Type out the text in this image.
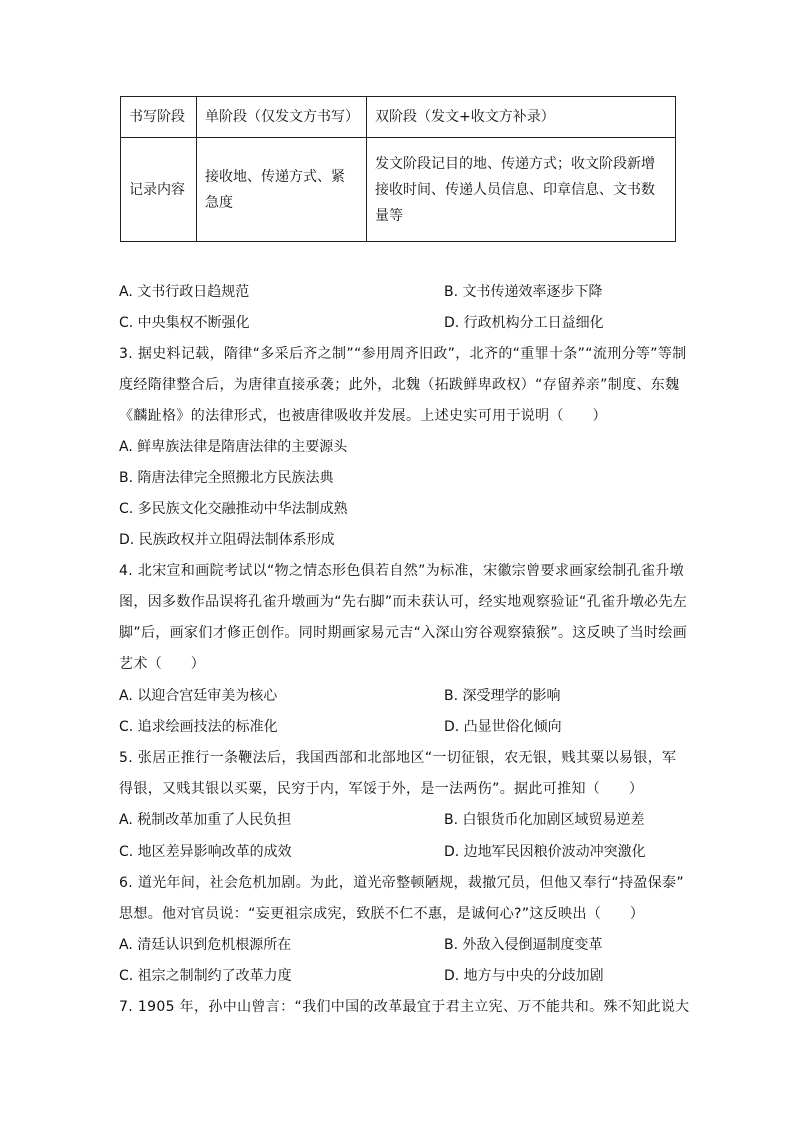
书写阶段	单阶段（仅发文方书写）	双阶段（发文+收文方补录）
记录内容	接收地、传递方式、紧急度	发文阶段记目的地、传递方式；收文阶段新增接收时间、传递人员信息、印章信息、文书数量等
A. 文书行政日趋规范	B. 文书传递效率逐步下降
C. 中央集权不断强化	D. 行政机构分工日益细化
3. 据史料记载，隋律“多采后齐之制”“参用周齐旧政”，北齐的“重罪十条”“流刑分等”等制
度经隋律整合后，为唐律直接承袭；此外，北魏（拓跋鲜卑政权）“存留养亲”制度、东魏
《麟趾格》的法律形式，也被唐律吸收并发展。上述史实可用于说明（　　）
A. 鲜卑族法律是隋唐法律的主要源头
B. 隋唐法律完全照搬北方民族法典
C. 多民族文化交融推动中华法制成熟
D. 民族政权并立阻碍法制体系形成
4. 北宋宣和画院考试以“物之情态形色俱若自然”为标准，宋徽宗曾要求画家绘制孔雀升墩
图，因多数作品误将孔雀升墩画为“先右脚”而未获认可，经实地观察验证“孔雀升墩必先左
脚”后，画家们才修正创作。同时期画家易元吉“入深山穷谷观察猿猴”。这反映了当时绘画
艺术（　　）
A. 以迎合宫廷审美为核心	B. 深受理学的影响
C. 追求绘画技法的标准化	D. 凸显世俗化倾向
5. 张居正推行一条鞭法后，我国西部和北部地区“一切征银，农无银，贱其粟以易银，军
得银，又贱其银以买粟，民穷于内，军馁于外，是一法两伤”。据此可推知（　　）
A. 税制改革加重了人民负担	B. 白银货币化加剧区域贸易逆差
C. 地区差异影响改革的成效	D. 边地军民因粮价波动冲突激化
6. 道光年间，社会危机加剧。为此，道光帝整顿陋规，裁撤冗员，但他又奉行“持盈保泰”
思想。他对官员说：“妄更祖宗成宪，致朕不仁不惠，是诚何心?”这反映出（　　）
A. 清廷认识到危机根源所在	B. 外敌入侵倒逼制度变革
C. 祖宗之制制约了改革力度	D. 地方与中央的分歧加剧
7. 1905 年，孙中山曾言：“我们中国的改革最宜于君主立宪、万不能共和。殊不知此说大
